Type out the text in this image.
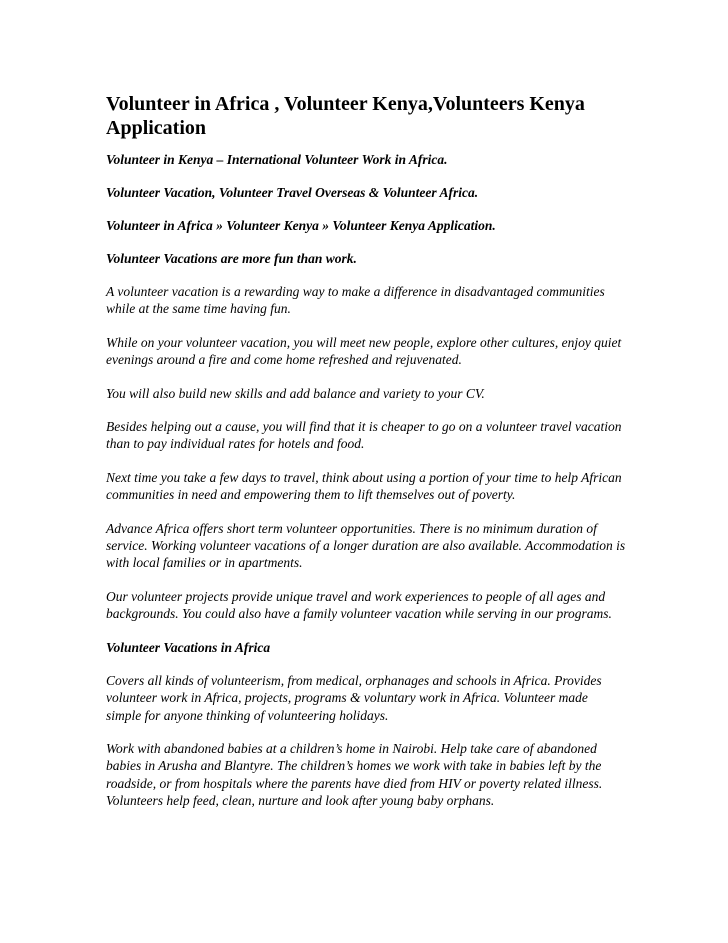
Volunteer in Africa , Volunteer Kenya,Volunteers Kenya Application

Volunteer in Kenya – International Volunteer Work in Africa.

Volunteer Vacation, Volunteer Travel Overseas & Volunteer Africa.

Volunteer in Africa » Volunteer Kenya » Volunteer Kenya Application.

Volunteer Vacations are more fun than work.

A volunteer vacation is a rewarding way to make a difference in disadvantaged communities while at the same time having fun.

While on your volunteer vacation, you will meet new people, explore other cultures, enjoy quiet evenings around a fire and come home refreshed and rejuvenated.

You will also build new skills and add balance and variety to your CV.

Besides helping out a cause, you will find that it is cheaper to go on a volunteer travel vacation than to pay individual rates for hotels and food.

Next time you take a few days to travel, think about using a portion of your time to help African communities in need and empowering them to lift themselves out of poverty.

Advance Africa offers short term volunteer opportunities. There is no minimum duration of service. Working volunteer vacations of a longer duration are also available. Accommodation is with local families or in apartments.

Our volunteer projects provide unique travel and work experiences to people of all ages and backgrounds. You could also have a family volunteer vacation while serving in our programs.

Volunteer Vacations in Africa

Covers all kinds of volunteerism, from medical, orphanages and schools in Africa. Provides volunteer work in Africa, projects, programs & voluntary work in Africa. Volunteer made simple for anyone thinking of volunteering holidays.

Work with abandoned babies at a children’s home in Nairobi. Help take care of abandoned babies in Arusha and Blantyre. The children’s homes we work with take in babies left by the roadside, or from hospitals where the parents have died from HIV or poverty related illness. Volunteers help feed, clean, nurture and look after young baby orphans.
